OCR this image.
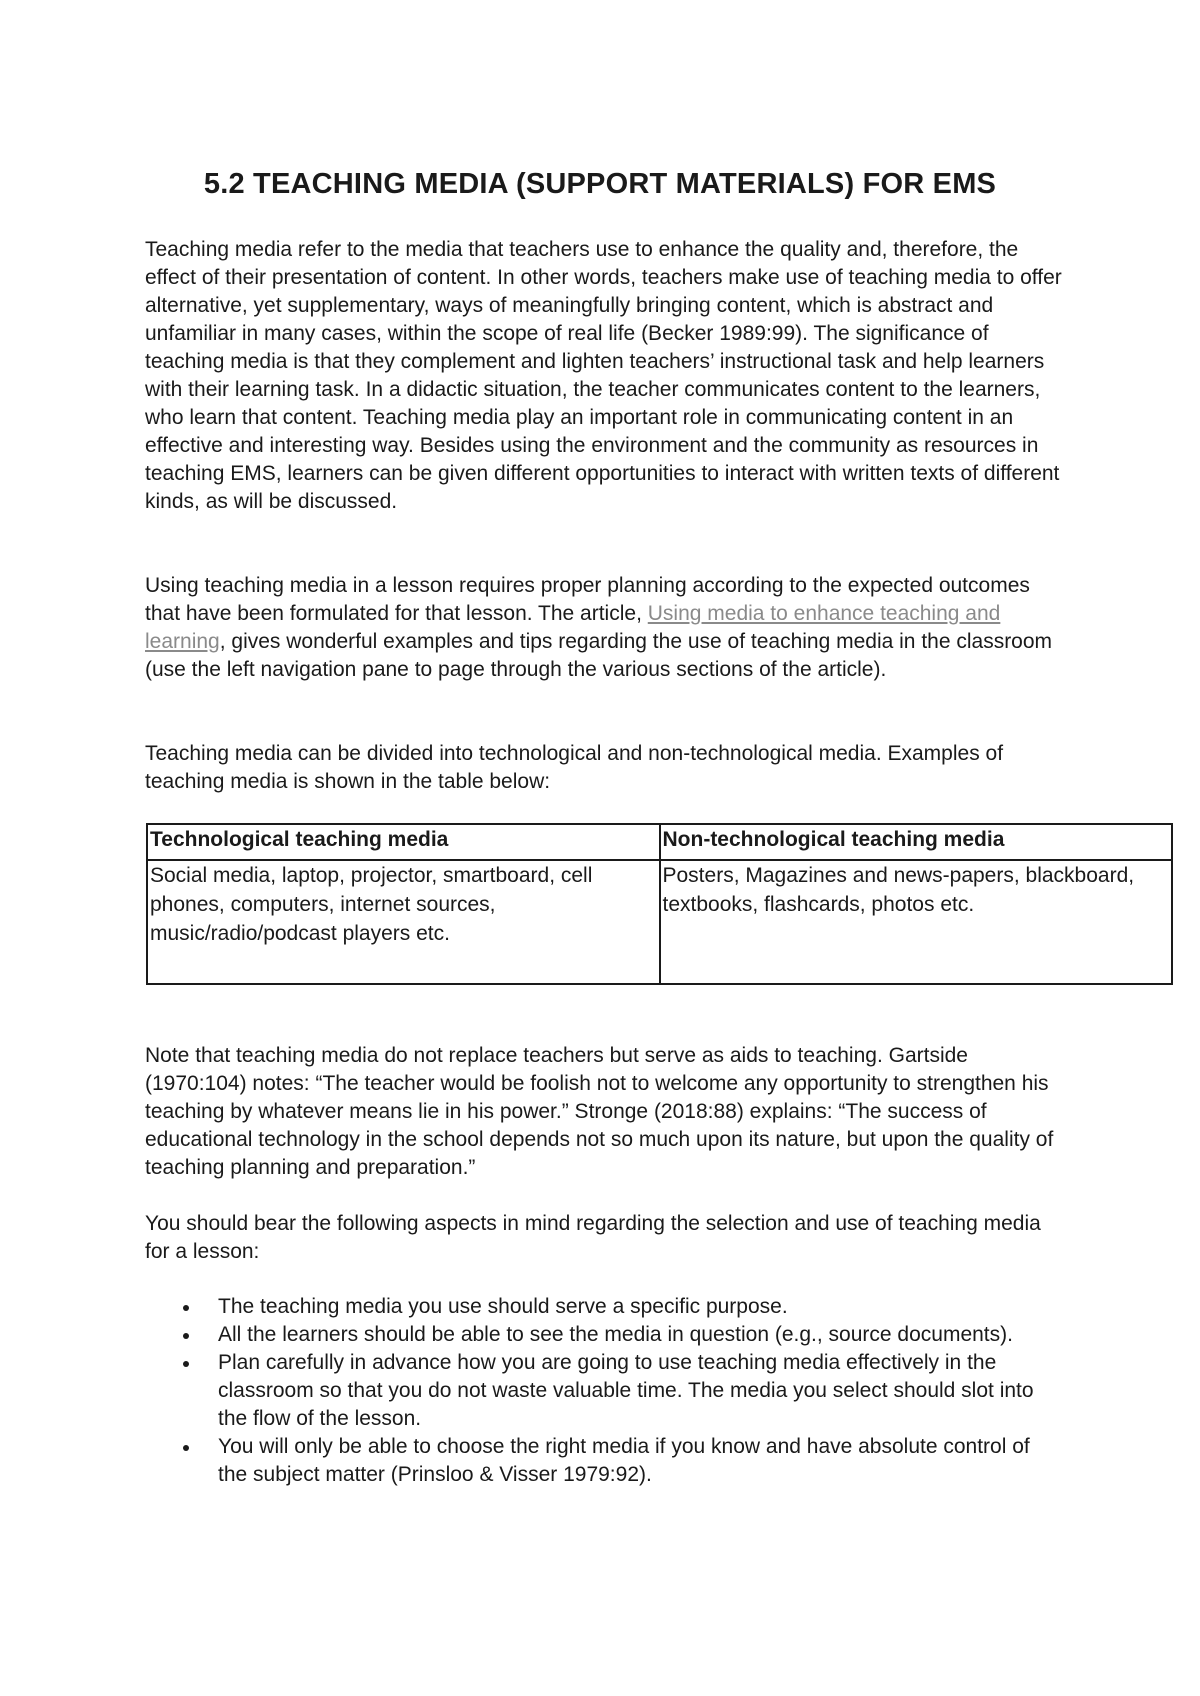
5.2 TEACHING MEDIA (SUPPORT MATERIALS) FOR EMS

Teaching media refer to the media that teachers use to enhance the quality and, therefore, the effect of their presentation of content. In other words, teachers make use of teaching media to offer alternative, yet supplementary, ways of meaningfully bringing content, which is abstract and unfamiliar in many cases, within the scope of real life (Becker 1989:99). The significance of teaching media is that they complement and lighten teachers’ instructional task and help learners with their learning task. In a didactic situation, the teacher communicates content to the learners, who learn that content. Teaching media play an important role in communicating content in an effective and interesting way. Besides using the environment and the community as resources in teaching EMS, learners can be given different opportunities to interact with written texts of different kinds, as will be discussed.

Using teaching media in a lesson requires proper planning according to the expected outcomes that have been formulated for that lesson. The article, Using media to enhance teaching and learning, gives wonderful examples and tips regarding the use of teaching media in the classroom (use the left navigation pane to page through the various sections of the article).

Teaching media can be divided into technological and non-technological media. Examples of teaching media is shown in the table below:

Technological teaching media	Non-technological teaching media
Social media, laptop, projector, smartboard, cell phones, computers, internet sources, music/radio/podcast players etc.	Posters, Magazines and news-papers, blackboard, textbooks, flashcards, photos etc.

Note that teaching media do not replace teachers but serve as aids to teaching. Gartside (1970:104) notes: “The teacher would be foolish not to welcome any opportunity to strengthen his teaching by whatever means lie in his power.” Stronge (2018:88) explains: “The success of educational technology in the school depends not so much upon its nature, but upon the quality of teaching planning and preparation.”

You should bear the following aspects in mind regarding the selection and use of teaching media for a lesson:

The teaching media you use should serve a specific purpose.
All the learners should be able to see the media in question (e.g., source documents).
Plan carefully in advance how you are going to use teaching media effectively in the classroom so that you do not waste valuable time. The media you select should slot into the flow of the lesson.
You will only be able to choose the right media if you know and have absolute control of the subject matter (Prinsloo & Visser 1979:92).
